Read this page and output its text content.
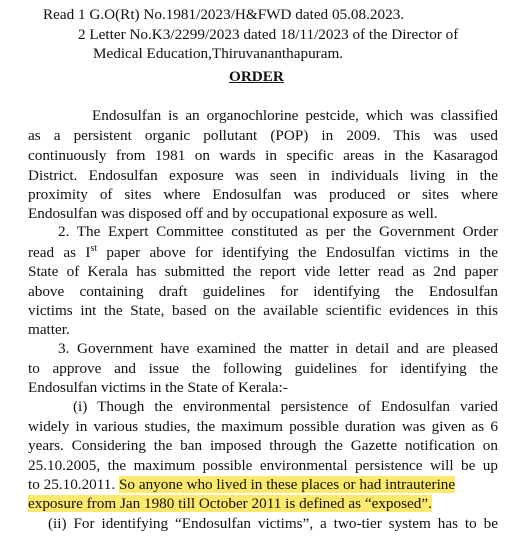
Read 1 G.O(Rt) No.1981/2023/H&FWD dated 05.08.2023.
2 Letter No.K3/2299/2023 dated 18/11/2023 of the Director of
Medical Education,Thiruvananthapuram.
ORDER
Endosulfan is an organochlorine pestcide, which was classified
as a persistent organic pollutant (POP) in 2009. This was used
continuously from 1981 on wards in specific areas in the Kasaragod
District. Endosulfan exposure was seen in individuals living in the
proximity of sites where Endosulfan was produced or sites where
Endosulfan was disposed off and by occupational exposure as well.
2. The Expert Committee constituted as per the Government Order
read as Ist paper above for identifying the Endosulfan victims in the
State of Kerala has submitted the report vide letter read as 2nd paper
above containing draft guidelines for identifying the Endosulfan
victims int the State, based on the available scientific evidences in this
matter.
3. Government have examined the matter in detail and are pleased
to approve and issue the following guidelines for identifying the
Endosulfan victims in the State of Kerala:-
(i) Though the environmental persistence of Endosulfan varied
widely in various studies, the maximum possible duration was given as 6
years. Considering the ban imposed through the Gazette notification on
25.10.2005, the maximum possible environmental persistence will be up
to 25.10.2011. So anyone who lived in these places or had intrauterine
exposure from Jan 1980 till October 2011 is defined as “exposed”.
(ii) For identifying “Endosulfan victims”, a two-tier system has to be
